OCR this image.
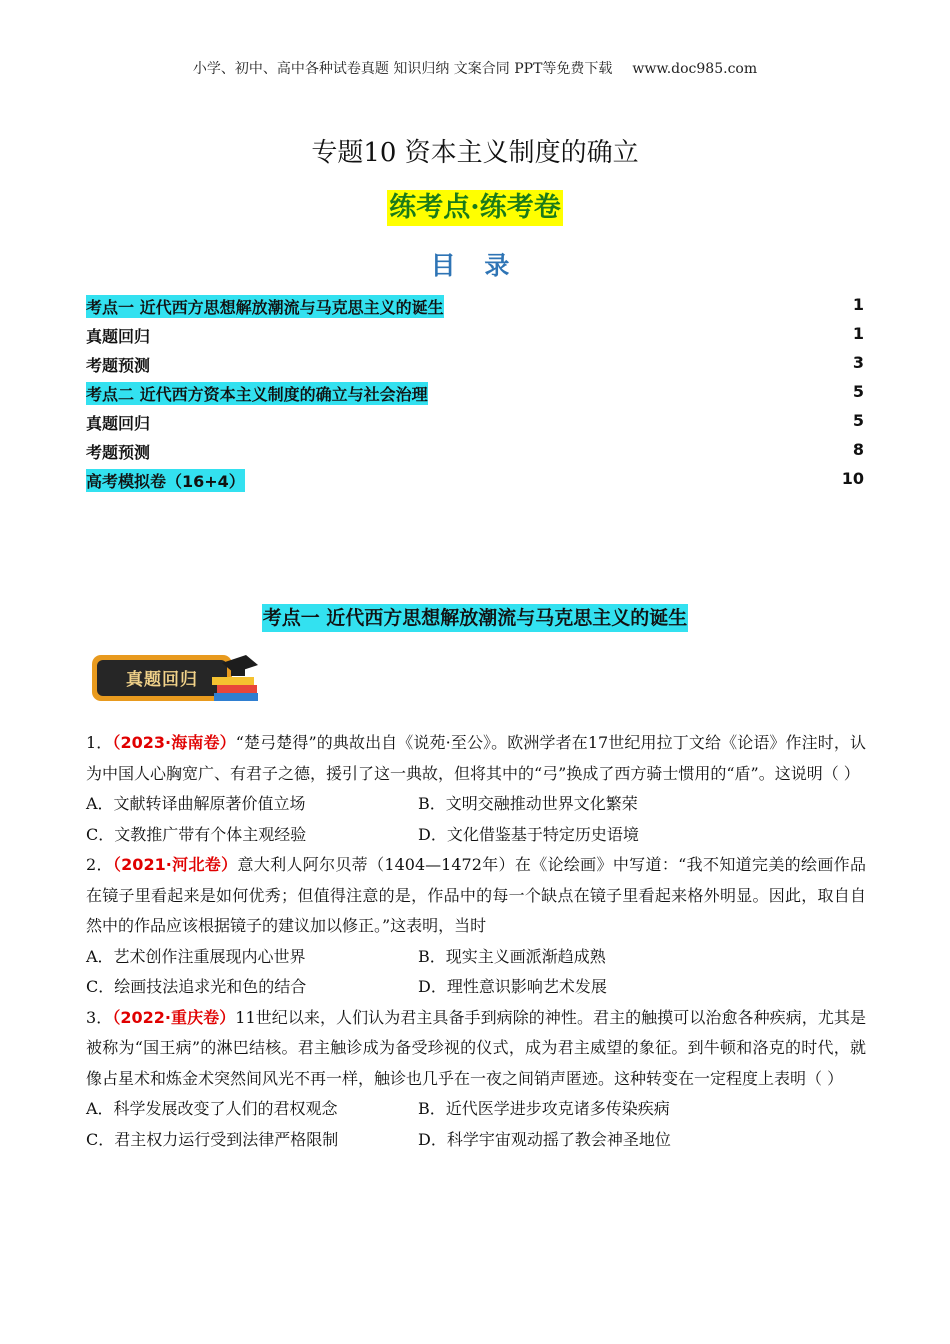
小学、初中、高中各种试卷真题 知识归纳 文案合同 PPT等免费下载 www.doc985.com
专题10 资本主义制度的确立
练考点·练考卷
目 录
考点一 近代西方思想解放潮流与马克思主义的诞生	1
真题回归	1
考题预测	3
考点二 近代西方资本主义制度的确立与社会治理	5
真题回归	5
考题预测	8
高考模拟卷（16+4）	10
考点一 近代西方思想解放潮流与马克思主义的诞生
真题回归

1．（2023·海南卷）“楚弓楚得”的典故出自《说苑·至公》。欧洲学者在17世纪用拉丁文给《论语》作注时，认为中国人心胸宽广、有君子之德，援引了这一典故，但将其中的“弓”换成了西方骑士惯用的“盾”。这说明（ ）

A．文献转译曲解原著价值立场	B．文明交融推动世界文化繁荣
C．文教推广带有个体主观经验	D．文化借鉴基于特定历史语境

2．（2021·河北卷）意大利人阿尔贝蒂（1404—1472年）在《论绘画》中写道：“我不知道完美的绘画作品在镜子里看起来是如何优秀；但值得注意的是，作品中的每一个缺点在镜子里看起来格外明显。因此，取自自然中的作品应该根据镜子的建议加以修正。”这表明，当时

A．艺术创作注重展现内心世界	B．现实主义画派渐趋成熟
C．绘画技法追求光和色的结合	D．理性意识影响艺术发展

3．（2022·重庆卷）11世纪以来，人们认为君主具备手到病除的神性。君主的触摸可以治愈各种疾病，尤其是被称为“国王病”的淋巴结核。君主触诊成为备受珍视的仪式，成为君主威望的象征。到牛顿和洛克的时代，就像占星术和炼金术突然间风光不再一样，触诊也几乎在一夜之间销声匿迹。这种转变在一定程度上表明（ ）

A．科学发展改变了人们的君权观念	B．近代医学进步攻克诸多传染疾病
C．君主权力运行受到法律严格限制	D．科学宇宙观动摇了教会神圣地位
